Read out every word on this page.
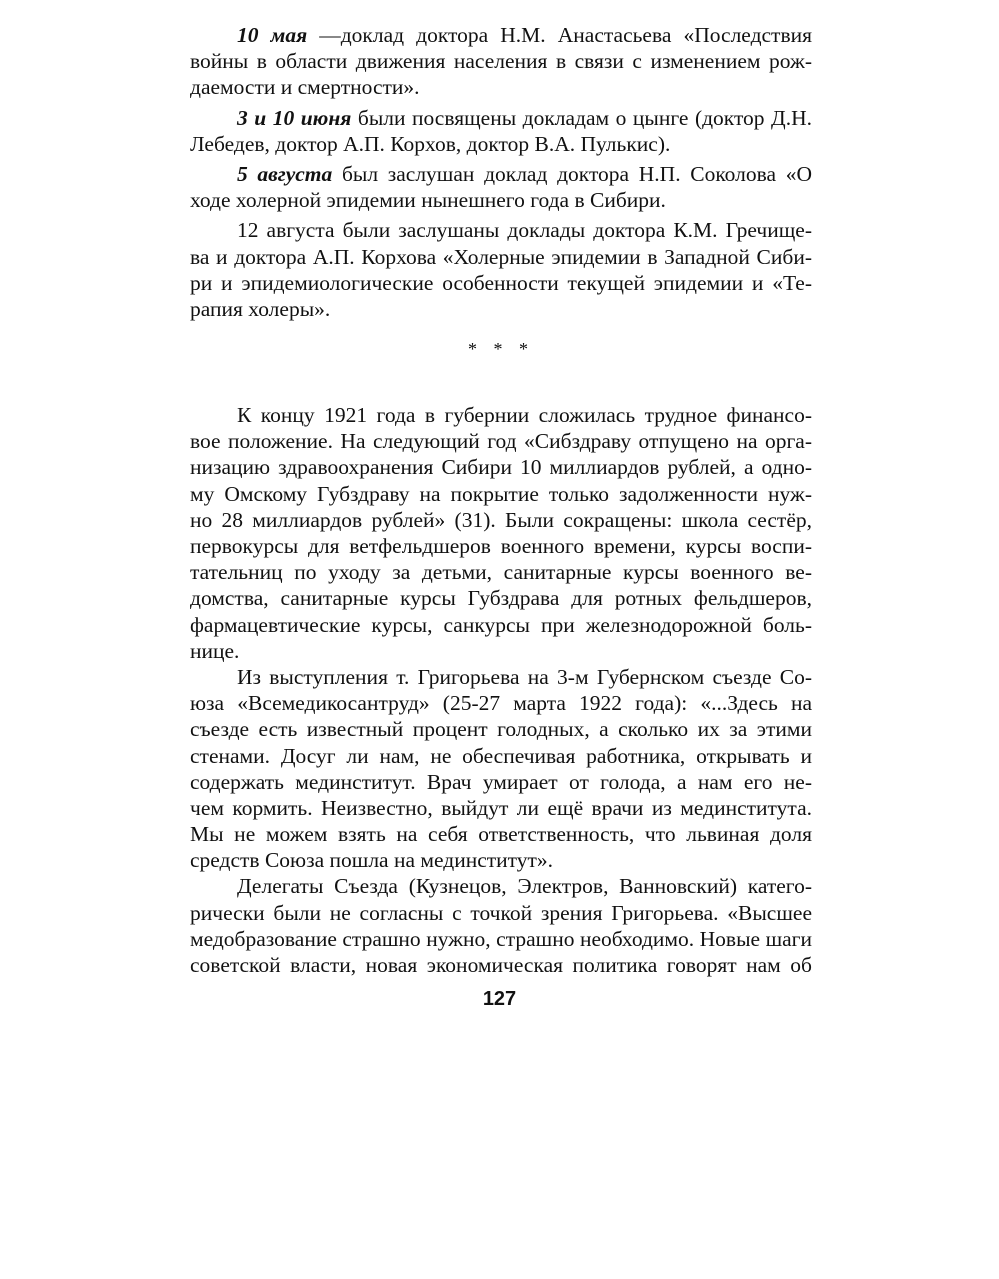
10 мая —доклад доктора Н.М. Анастасьева «Последствия
войны в области движения населения в связи с изменением рож-
даемости и смертности».
3 и 10 июня были посвящены докладам о цынге (доктор Д.Н.
Лебедев, доктор А.П. Корхов, доктор В.А. Пулькис).
5 августа был заслушан доклад доктора Н.П. Соколова «О
ходе холерной эпидемии нынешнего года в Сибири.
12 августа были заслушаны доклады доктора К.М. Гречище-
ва и доктора А.П. Корхова «Холерные эпидемии в Западной Сиби-
ри и эпидемиологические особенности текущей эпидемии и «Те-
рапия холеры».
* * *
К концу 1921 года в губернии сложилась трудное финансо-
вое положение. На следующий год «Сибздраву отпущено на орга-
низацию здравоохранения Сибири 10 миллиардов рублей, а одно-
му Омскому Губздраву на покрытие только задолженности нуж-
но 28 миллиардов рублей» (31). Были сокращены: школа сестёр,
первокурсы для ветфельдшеров военного времени, курсы воспи-
тательниц по уходу за детьми, санитарные курсы военного ве-
домства, санитарные курсы Губздрава для ротных фельдшеров,
фармацевтические курсы, санкурсы при железнодорожной боль-
нице.
Из выступления т. Григорьева на 3-м Губернском съезде Со-
юза «Всемедикосантруд» (25-27 марта 1922 года): «...Здесь на
съезде есть известный процент голодных, а сколько их за этими
стенами. Досуг ли нам, не обеспечивая работника, открывать и
содержать мединститут. Врач умирает от голода, а нам его не-
чем кормить. Неизвестно, выйдут ли ещё врачи из мединститута.
Мы не можем взять на себя ответственность, что львиная доля
средств Союза пошла на мединститут».
Делегаты Съезда (Кузнецов, Электров, Ванновский) катего-
рически были не согласны с точкой зрения Григорьева. «Высшее
медобразование страшно нужно, страшно необходимо. Новые шаги
советской власти, новая экономическая политика говорят нам об
127
